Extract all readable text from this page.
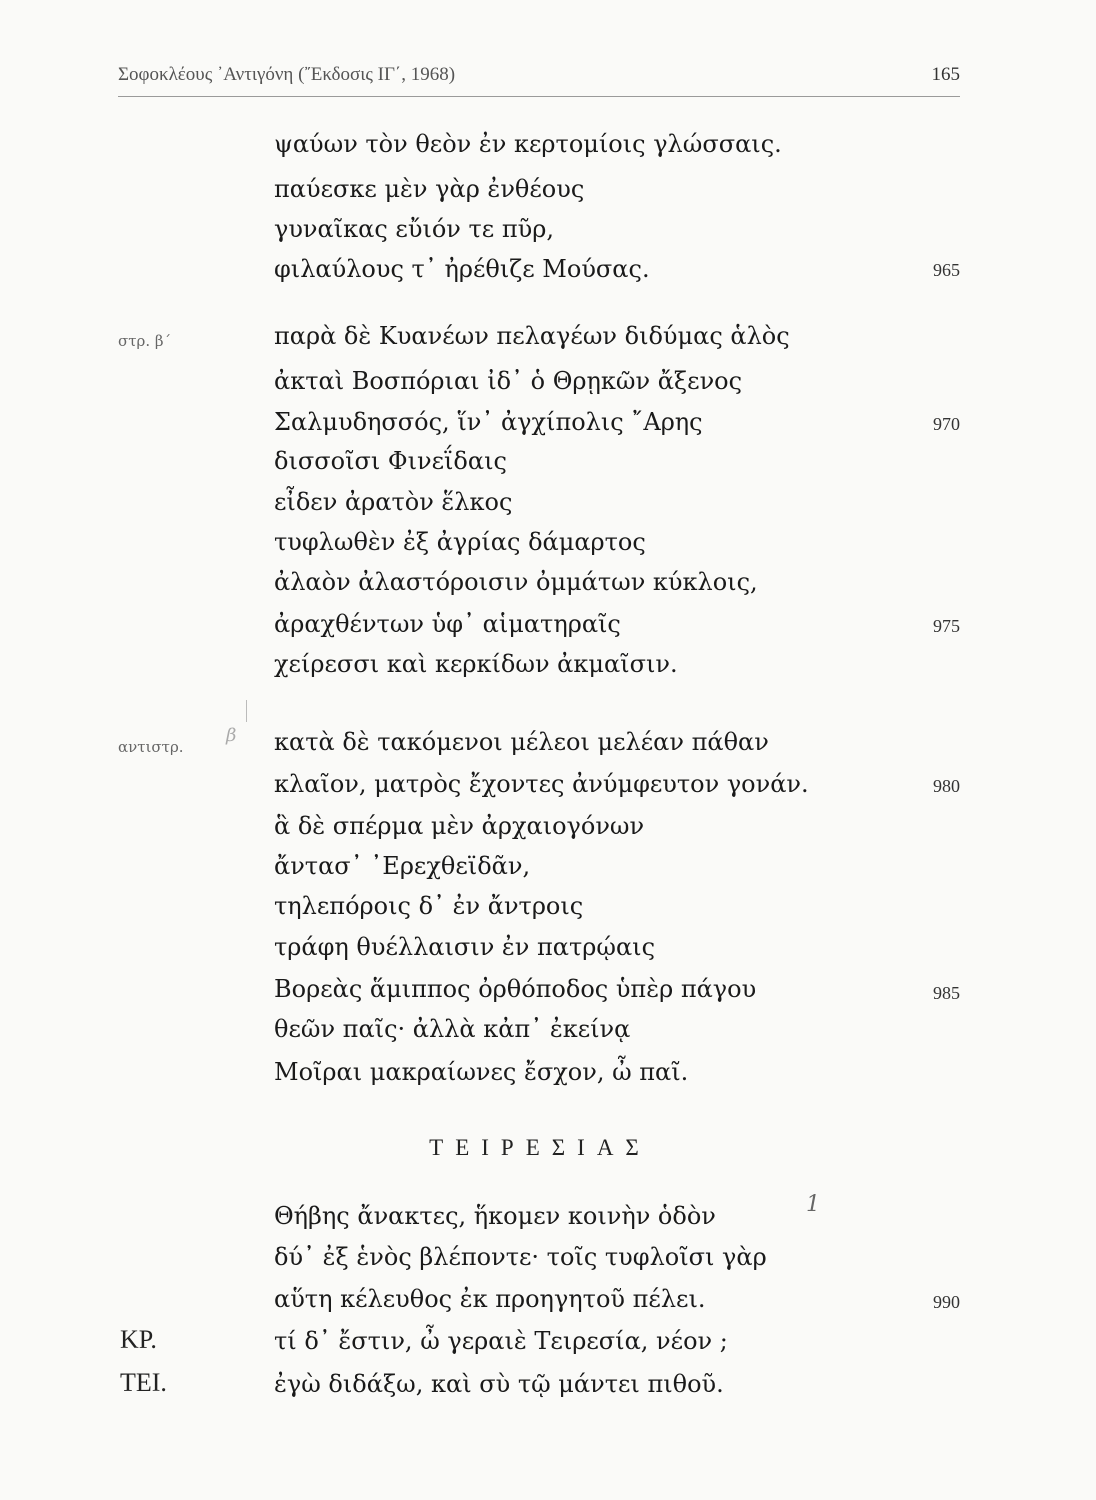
Σοφοκλέους ᾿Αντιγόνη (῎Εκδοσις ΙΓ΄, 1968)	165
ψαύων τὸν θεὸν ἐν κερτομίοις γλώσσαις.
παύεσκε μὲν γὰρ ἐνθέους
γυναῖκας εὔιόν τε πῦρ,
φιλαύλους τ᾿ ἠρέθιζε Μούσας.	965
στρ. β΄	παρὰ δὲ Κυανέων πελαγέων διδύμας ἁλὸς
ἀκταὶ Βοσπόριαι ἰδ᾿ ὁ Θρῃκῶν ἄξενος
Σαλμυδησσός, ἵν᾿ ἀγχίπολις ῎Αρης	970
δισσοῖσι Φινεΐδαις
εἶδεν ἀρατὸν ἕλκος
τυφλωθὲν ἐξ ἀγρίας δάμαρτος
ἀλαὸν ἀλαστόροισιν ὀμμάτων κύκλοις,
ἀραχθέντων ὑφ᾿ αἱματηραῖς	975
χείρεσσι καὶ κερκίδων ἀκμαῖσιν.
αντιστρ.
β κατὰ δὲ τακόμενοι μέλεοι μελέαν πάθαν
κλαῖον, ματρὸς ἔχοντες ἀνύμφευτον γονάν.	980
ἃ δὲ σπέρμα μὲν ἀρχαιογόνων
ἄντασ᾿ ᾿Ερεχθεϊδᾶν,
τηλεπόροις δ᾿ ἐν ἄντροις
τράφη θυέλλαισιν ἐν πατρῴαις
Βορεὰς ἅμιππος ὀρθόποδος ὑπὲρ πάγου	985
θεῶν παῖς· ἀλλὰ κἀπ᾿ ἐκείνᾳ
Μοῖραι μακραίωνες ἔσχον, ὦ παῖ.
ΤΕΙΡΕΣΙΑΣ
Θήβης ἄνακτες, ἥκομεν κοινὴν ὁδὸν	1
δύ᾿ ἐξ ἑνὸς βλέποντε· τοῖς τυφλοῖσι γὰρ
αὕτη κέλευθος ἐκ προηγητοῦ πέλει.	990
ΚΡ.	τί δ᾿ ἔστιν, ὦ γεραιὲ Τειρεσία, νέον ;
ΤΕΙ.	ἐγὼ διδάξω, καὶ σὺ τῷ μάντει πιθοῦ.
